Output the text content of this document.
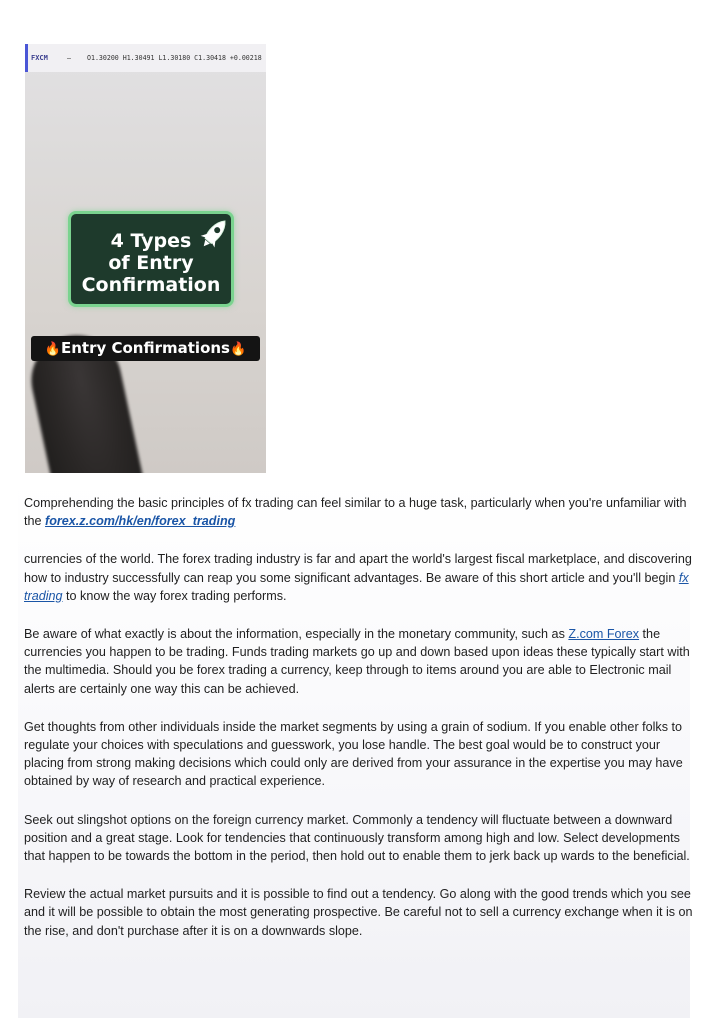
FXCM	— O1.30200 H1.30491 L1.30180 C1.30418 +0.00218
4 Types
of Entry
Confirmation
🔥Entry Confirmations🔥

Comprehending the basic principles of fx trading can feel similar to a huge task, particularly when you're unfamiliar with the forex.z.com/hk/en/forex_trading

currencies of the world. The forex trading industry is far and apart the world's largest fiscal marketplace, and discovering how to industry successfully can reap you some significant advantages. Be aware of this short article and you'll begin fx trading to know the way forex trading performs.

Be aware of what exactly is about the information, especially in the monetary community, such as Z.com Forex the currencies you happen to be trading. Funds trading markets go up and down based upon ideas these typically start with the multimedia. Should you be forex trading a currency, keep through to items around you are able to Electronic mail alerts are certainly one way this can be achieved.

Get thoughts from other individuals inside the market segments by using a grain of sodium. If you enable other folks to regulate your choices with speculations and guesswork, you lose handle. The best goal would be to construct your placing from strong making decisions which could only are derived from your assurance in the expertise you may have obtained by way of research and practical experience.

Seek out slingshot options on the foreign currency market. Commonly a tendency will fluctuate between a downward position and a great stage. Look for tendencies that continuously transform among high and low. Select developments that happen to be towards the bottom in the period, then hold out to enable them to jerk back up wards to the beneficial.

Review the actual market pursuits and it is possible to find out a tendency. Go along with the good trends which you see and it will be possible to obtain the most generating prospective. Be careful not to sell a currency exchange when it is on the rise, and don't purchase after it is on a downwards slope.
